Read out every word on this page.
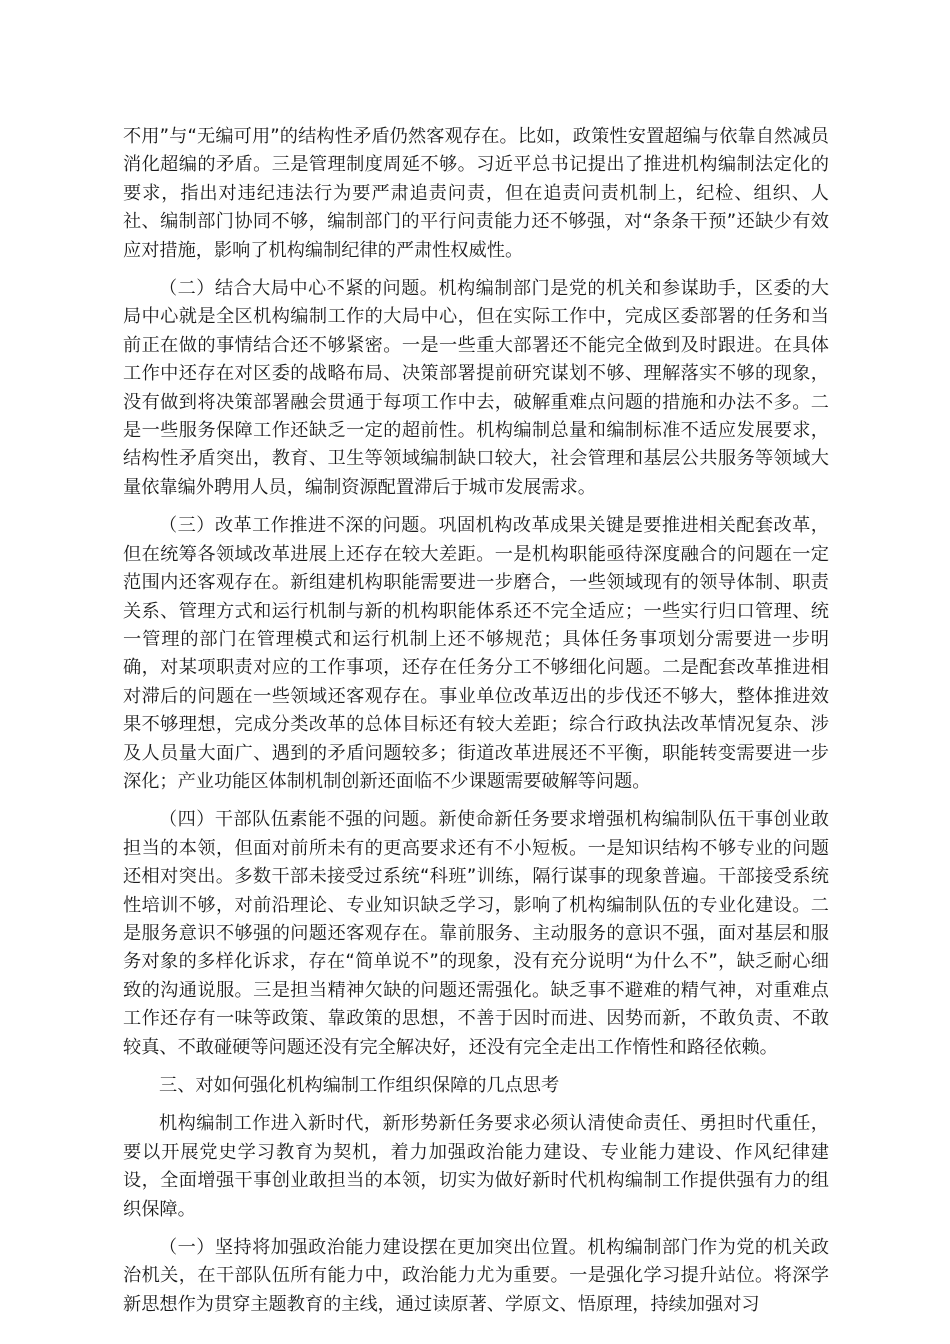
不用”与“无编可用”的结构性矛盾仍然客观存在。比如，政策性安置超编与依靠自然减员消化超编的矛盾。三是管理制度周延不够。习近平总书记提出了推进机构编制法定化的要求，指出对违纪违法行为要严肃追责问责，但在追责问责机制上，纪检、组织、人社、编制部门协同不够，编制部门的平行问责能力还不够强，对“条条干预”还缺少有效应对措施，影响了机构编制纪律的严肃性权威性。

（二）结合大局中心不紧的问题。机构编制部门是党的机关和参谋助手，区委的大局中心就是全区机构编制工作的大局中心，但在实际工作中，完成区委部署的任务和当前正在做的事情结合还不够紧密。一是一些重大部署还不能完全做到及时跟进。在具体工作中还存在对区委的战略布局、决策部署提前研究谋划不够、理解落实不够的现象，没有做到将决策部署融会贯通于每项工作中去，破解重难点问题的措施和办法不多。二是一些服务保障工作还缺乏一定的超前性。机构编制总量和编制标准不适应发展要求，结构性矛盾突出，教育、卫生等领域编制缺口较大，社会管理和基层公共服务等领域大量依靠编外聘用人员，编制资源配置滞后于城市发展需求。

（三）改革工作推进不深的问题。巩固机构改革成果关键是要推进相关配套改革，但在统筹各领域改革进展上还存在较大差距。一是机构职能亟待深度融合的问题在一定范围内还客观存在。新组建机构职能需要进一步磨合，一些领域现有的领导体制、职责关系、管理方式和运行机制与新的机构职能体系还不完全适应；一些实行归口管理、统一管理的部门在管理模式和运行机制上还不够规范；具体任务事项划分需要进一步明确，对某项职责对应的工作事项，还存在任务分工不够细化问题。二是配套改革推进相对滞后的问题在一些领域还客观存在。事业单位改革迈出的步伐还不够大，整体推进效果不够理想，完成分类改革的总体目标还有较大差距；综合行政执法改革情况复杂、涉及人员量大面广、遇到的矛盾问题较多；街道改革进展还不平衡，职能转变需要进一步深化；产业功能区体制机制创新还面临不少课题需要破解等问题。

（四）干部队伍素能不强的问题。新使命新任务要求增强机构编制队伍干事创业敢担当的本领，但面对前所未有的更高要求还有不小短板。一是知识结构不够专业的问题还相对突出。多数干部未接受过系统“科班”训练，隔行谋事的现象普遍。干部接受系统性培训不够，对前沿理论、专业知识缺乏学习，影响了机构编制队伍的专业化建设。二是服务意识不够强的问题还客观存在。靠前服务、主动服务的意识不强，面对基层和服务对象的多样化诉求，存在“简单说不”的现象，没有充分说明“为什么不”，缺乏耐心细致的沟通说服。三是担当精神欠缺的问题还需强化。缺乏事不避难的精气神，对重难点工作还存有一味等政策、靠政策的思想，不善于因时而进、因势而新，不敢负责、不敢较真、不敢碰硬等问题还没有完全解决好，还没有完全走出工作惰性和路径依赖。

三、对如何强化机构编制工作组织保障的几点思考

机构编制工作进入新时代，新形势新任务要求必须认清使命责任、勇担时代重任，要以开展党史学习教育为契机，着力加强政治能力建设、专业能力建设、作风纪律建设，全面增强干事创业敢担当的本领，切实为做好新时代机构编制工作提供强有力的组织保障。

（一）坚持将加强政治能力建设摆在更加突出位置。机构编制部门作为党的机关政治机关，在干部队伍所有能力中，政治能力尤为重要。一是强化学习提升站位。将深学新思想作为贯穿主题教育的主线，通过读原著、学原文、悟原理，持续加强对习
